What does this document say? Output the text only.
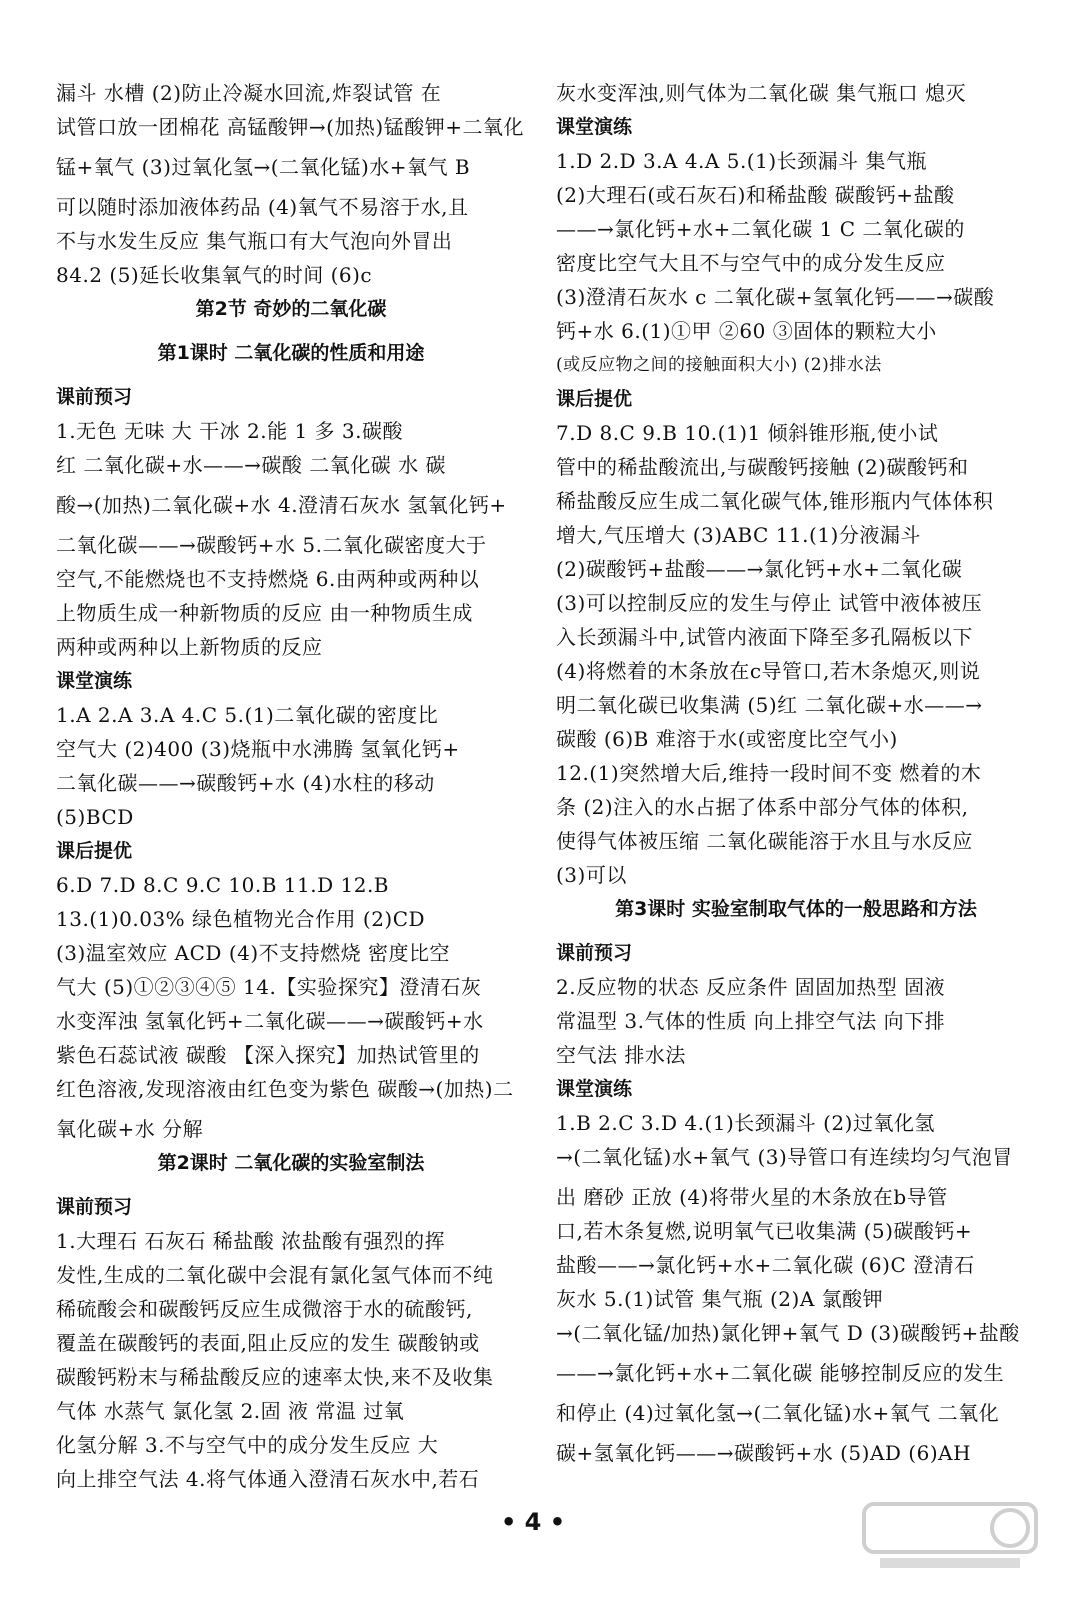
漏斗 水槽 (2)防止冷凝水回流,炸裂试管 在
试管口放一团棉花 高锰酸钾→(加热)锰酸钾+二氧化
锰+氧气 (3)过氧化氢→(二氧化锰)水+氧气 B
可以随时添加液体药品 (4)氧气不易溶于水,且
不与水发生反应 集气瓶口有大气泡向外冒出
84.2 (5)延长收集氧气的时间 (6)c
第2节 奇妙的二氧化碳
第1课时 二氧化碳的性质和用途
课前预习
1.无色 无味 大 干冰 2.能 1 多 3.碳酸
红 二氧化碳+水——→碳酸 二氧化碳 水 碳
酸→(加热)二氧化碳+水 4.澄清石灰水 氢氧化钙+
二氧化碳——→碳酸钙+水 5.二氧化碳密度大于
空气,不能燃烧也不支持燃烧 6.由两种或两种以
上物质生成一种新物质的反应 由一种物质生成
两种或两种以上新物质的反应
课堂演练
1.A 2.A 3.A 4.C 5.(1)二氧化碳的密度比
空气大 (2)400 (3)烧瓶中水沸腾 氢氧化钙+
二氧化碳——→碳酸钙+水 (4)水柱的移动
(5)BCD
课后提优
6.D 7.D 8.C 9.C 10.B 11.D 12.B
13.(1)0.03% 绿色植物光合作用 (2)CD
(3)温室效应 ACD (4)不支持燃烧 密度比空
气大 (5)①②③④⑤ 14.【实验探究】澄清石灰
水变浑浊 氢氧化钙+二氧化碳——→碳酸钙+水
紫色石蕊试液 碳酸 【深入探究】加热试管里的
红色溶液,发现溶液由红色变为紫色 碳酸→(加热)二
氧化碳+水 分解
第2课时 二氧化碳的实验室制法
课前预习
1.大理石 石灰石 稀盐酸 浓盐酸有强烈的挥
发性,生成的二氧化碳中会混有氯化氢气体而不纯
稀硫酸会和碳酸钙反应生成微溶于水的硫酸钙,
覆盖在碳酸钙的表面,阻止反应的发生 碳酸钠或
碳酸钙粉末与稀盐酸反应的速率太快,来不及收集
气体 水蒸气 氯化氢 2.固 液 常温 过氧
化氢分解 3.不与空气中的成分发生反应 大
向上排空气法 4.将气体通入澄清石灰水中,若石
灰水变浑浊,则气体为二氧化碳 集气瓶口 熄灭
课堂演练
1.D 2.D 3.A 4.A 5.(1)长颈漏斗 集气瓶
(2)大理石(或石灰石)和稀盐酸 碳酸钙+盐酸
——→氯化钙+水+二氧化碳 1 C 二氧化碳的
密度比空气大且不与空气中的成分发生反应
(3)澄清石灰水 c 二氧化碳+氢氧化钙——→碳酸
钙+水 6.(1)①甲 ②60 ③固体的颗粒大小
(或反应物之间的接触面积大小) (2)排水法
课后提优
7.D 8.C 9.B 10.(1)1 倾斜锥形瓶,使小试
管中的稀盐酸流出,与碳酸钙接触 (2)碳酸钙和
稀盐酸反应生成二氧化碳气体,锥形瓶内气体体积
增大,气压增大 (3)ABC 11.(1)分液漏斗
(2)碳酸钙+盐酸——→氯化钙+水+二氧化碳
(3)可以控制反应的发生与停止 试管中液体被压
入长颈漏斗中,试管内液面下降至多孔隔板以下
(4)将燃着的木条放在c导管口,若木条熄灭,则说
明二氧化碳已收集满 (5)红 二氧化碳+水——→
碳酸 (6)B 难溶于水(或密度比空气小)
12.(1)突然增大后,维持一段时间不变 燃着的木
条 (2)注入的水占据了体系中部分气体的体积,
使得气体被压缩 二氧化碳能溶于水且与水反应
(3)可以
第3课时 实验室制取气体的一般思路和方法
课前预习
2.反应物的状态 反应条件 固固加热型 固液
常温型 3.气体的性质 向上排空气法 向下排
空气法 排水法
课堂演练
1.B 2.C 3.D 4.(1)长颈漏斗 (2)过氧化氢
→(二氧化锰)水+氧气 (3)导管口有连续均匀气泡冒
出 磨砂 正放 (4)将带火星的木条放在b导管
口,若木条复燃,说明氧气已收集满 (5)碳酸钙+
盐酸——→氯化钙+水+二氧化碳 (6)C 澄清石
灰水 5.(1)试管 集气瓶 (2)A 氯酸钾
→(二氧化锰/加热)氯化钾+氧气 D (3)碳酸钙+盐酸
——→氯化钙+水+二氧化碳 能够控制反应的发生
和停止 (4)过氧化氢→(二氧化锰)水+氧气 二氧化
碳+氢氧化钙——→碳酸钙+水 (5)AD (6)AH
• 4 •
